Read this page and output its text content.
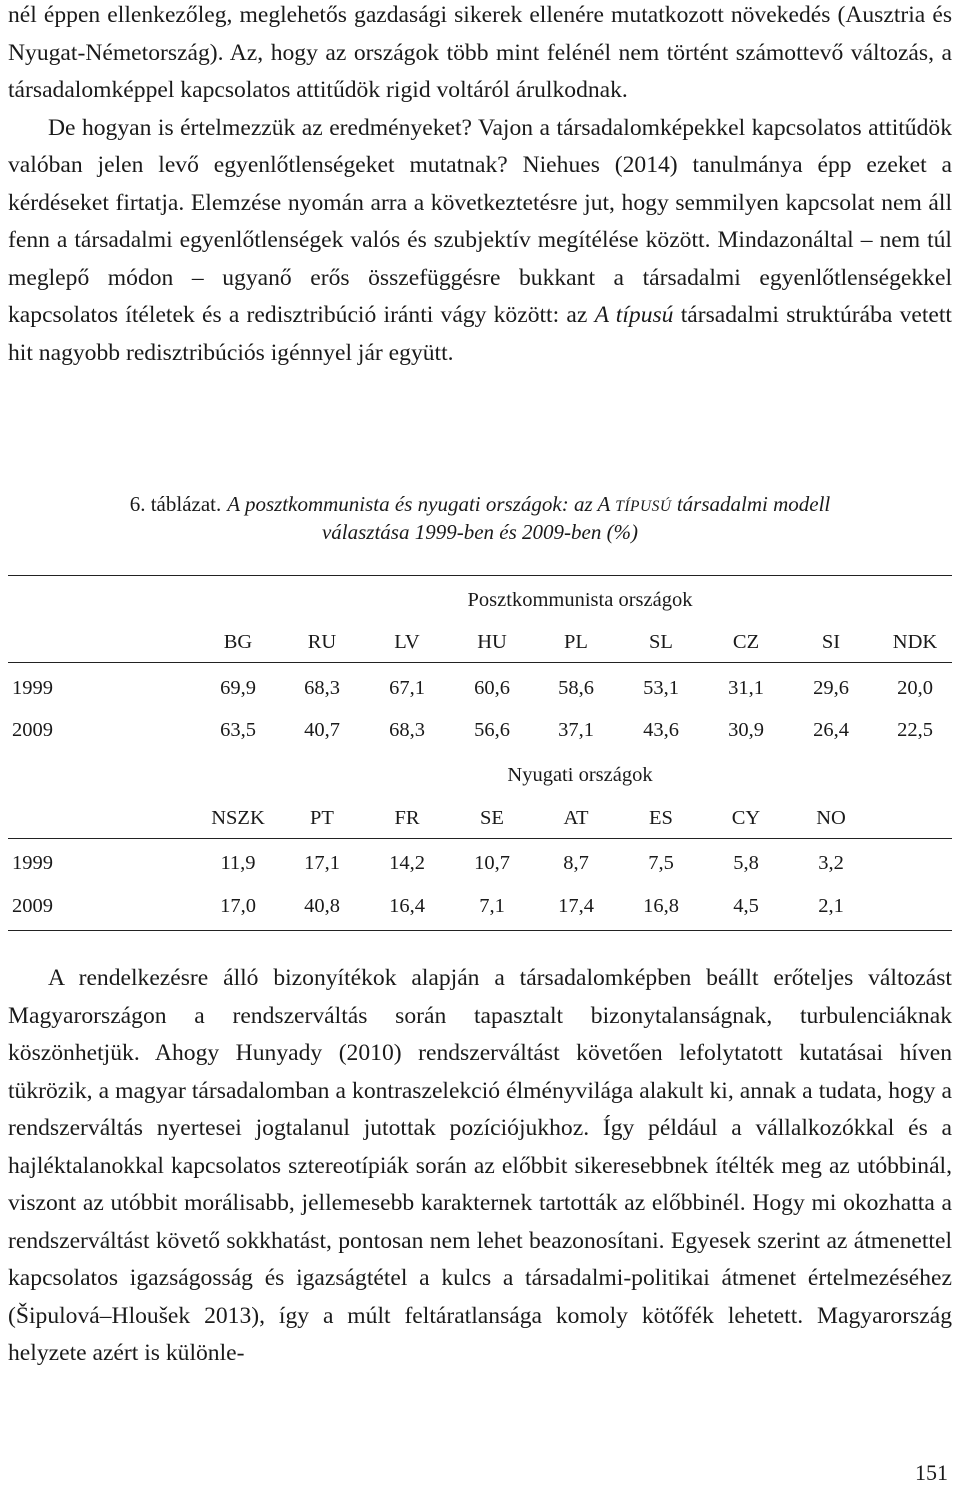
nél éppen ellenkezőleg, meglehetős gazdasági sikerek ellenére mutatkozott növekedés (Ausztria és Nyugat-Németország). Az, hogy az országok több mint felénél nem történt számottevő változás, a társadalomképpel kapcsolatos attitűdök rigid voltáról árulkodnak.
De hogyan is értelmezzük az eredményeket? Vajon a társadalomképekkel kapcsolatos attitűdök valóban jelen levő egyenlőtlenségeket mutatnak? Niehues (2014) tanulmánya épp ezeket a kérdéseket firtatja. Elemzése nyomán arra a következtetésre jut, hogy semmilyen kapcsolat nem áll fenn a társadalmi egyenlőtlenségek valós és szubjektív megítélése között. Mindazonáltal – nem túl meglepő módon – ugyanő erős összefüggésre bukkant a társadalmi egyenlőtlenségekkel kapcsolatos ítéletek és a redisztribúció iránti vágy között: az A típusú társadalmi struktúrába vetett hit nagyobb redisztribúciós igénnyel jár együtt.

6. táblázat. A posztkommunista és nyugati országok: az A TÍPUSÚ társadalmi modell
választása 1999-ben és 2009-ben (%)
Posztkommunista országok
BG	RU	LV	HU	PL	SL	CZ	SI	NDK
1999	69,9	68,3	67,1	60,6	58,6	53,1	31,1	29,6	20,0
2009	63,5	40,7	68,3	56,6	37,1	43,6	30,9	26,4	22,5
Nyugati országok
NSZK	PT	FR	SE	AT	ES	CY	NO
1999	11,9	17,1	14,2	10,7	8,7	7,5	5,8	3,2
2009	17,0	40,8	16,4	7,1	17,4	16,8	4,5	2,1

A rendelkezésre álló bizonyítékok alapján a társadalomképben beállt erőteljes változást Magyarországon a rendszerváltás során tapasztalt bizonytalanságnak, turbulenciáknak köszönhetjük. Ahogy Hunyady (2010) rendszerváltást követően lefolytatott kutatásai híven tükrözik, a magyar társadalomban a kontraszelekció élményvilága alakult ki, annak a tudata, hogy a rendszerváltás nyertesei jogtalanul jutottak pozíciójukhoz. Így például a vállalkozókkal és a hajléktalanokkal kapcsolatos sztereotípiák során az előbbit sikeresebbnek ítélték meg az utóbbinál, viszont az utóbbit morálisabb, jellemesebb karakternek tartották az előbbinél. Hogy mi okozhatta a rendszerváltást követő sokkhatást, pontosan nem lehet beazonosítani. Egyesek szerint az átmenettel kapcsolatos igazságosság és igazságtétel a kulcs a társadalmi-politikai átmenet értelmezéséhez (Šipulová–Hloušek 2013), így a múlt feltáratlansága komoly kötőfék lehetett. Magyarország helyzete azért is különle-

151
